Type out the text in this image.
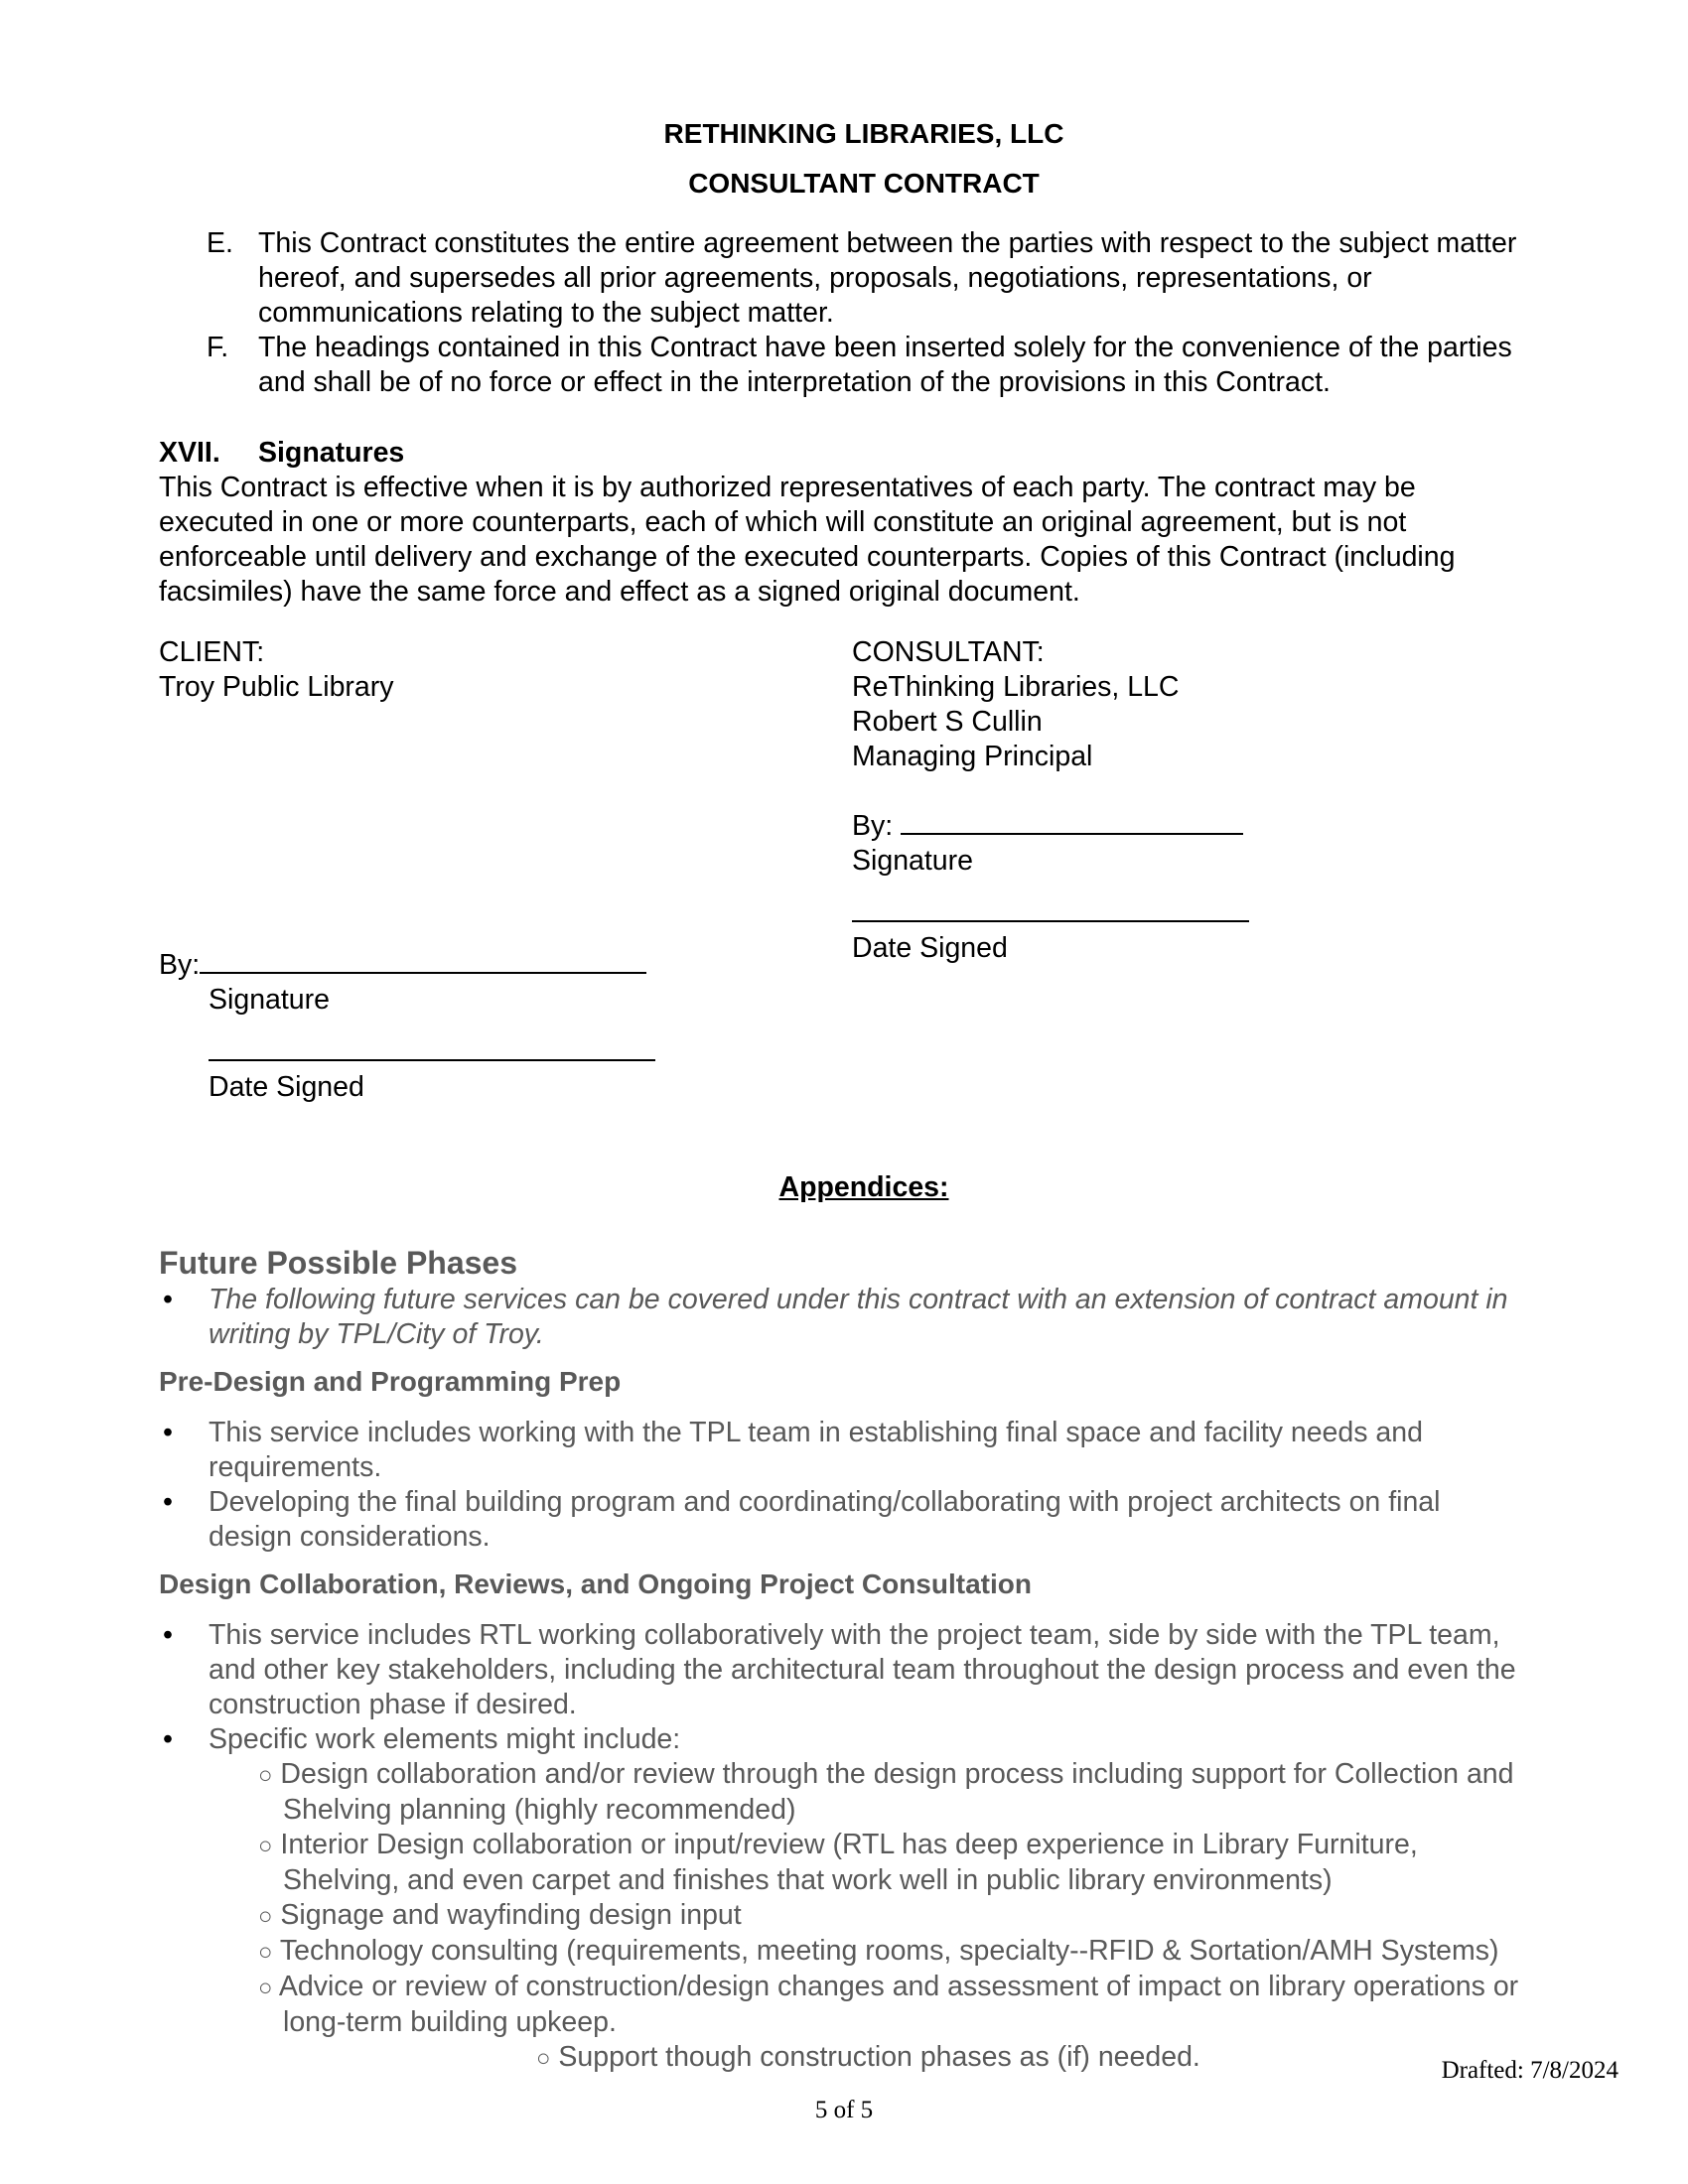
RETHINKING LIBRARIES, LLC
CONSULTANT CONTRACT
E. This Contract constitutes the entire agreement between the parties with respect to the subject matter hereof, and supersedes all prior agreements, proposals, negotiations, representations, or communications relating to the subject matter.
F. The headings contained in this Contract have been inserted solely for the convenience of the parties and shall be of no force or effect in the interpretation of the provisions in this Contract.
XVII. Signatures

This Contract is effective when it is by authorized representatives of each party. The contract may be executed in one or more counterparts, each of which will constitute an original agreement, but is not enforceable until delivery and exchange of the executed counterparts. Copies of this Contract (including facsimiles) have the same force and effect as a signed original document.

CLIENT:
Troy Public Library
By:
Signature
Date Signed
CONSULTANT:
ReThinking Libraries, LLC
Robert S Cullin
Managing Principal
By:
Signature
Date Signed
Appendices:
Future Possible Phases
• The following future services can be covered under this contract with an extension of contract amount in writing by TPL/City of Troy.
Pre-Design and Programming Prep
• This service includes working with the TPL team in establishing final space and facility needs and requirements.
• Developing the final building program and coordinating/collaborating with project architects on final design considerations.
Design Collaboration, Reviews, and Ongoing Project Consultation
• This service includes RTL working collaboratively with the project team, side by side with the TPL team, and other key stakeholders, including the architectural team throughout the design process and even the construction phase if desired.
• Specific work elements might include:
○ Design collaboration and/or review through the design process including support for Collection and Shelving planning (highly recommended)
○ Interior Design collaboration or input/review (RTL has deep experience in Library Furniture, Shelving, and even carpet and finishes that work well in public library environments)
○ Signage and wayfinding design input
○ Technology consulting (requirements, meeting rooms, specialty--RFID & Sortation/AMH Systems)
○ Advice or review of construction/design changes and assessment of impact on library operations or long-term building upkeep.
○ Support though construction phases as (if) needed.	Drafted: 7/8/2024
5 of 5
